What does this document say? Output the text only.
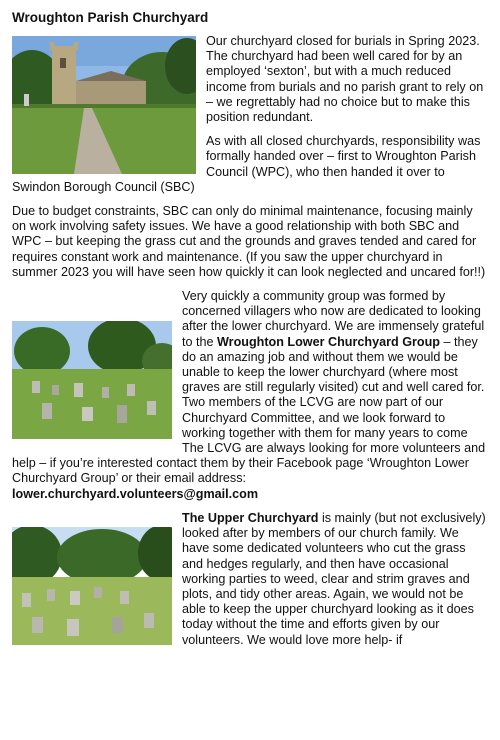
Wroughton Parish Churchyard

Our churchyard closed for burials in Spring 2023. The churchyard had been well cared for by an employed ‘sexton’, but with a much reduced income from burials and no parish grant to rely on – we regrettably had no choice but to make this position redundant.

As with all closed churchyards, responsibility was formally handed over – first to Wroughton Parish Council (WPC), who then handed it over to Swindon Borough Council (SBC)

Due to budget constraints, SBC can only do minimal maintenance, focusing mainly on work involving safety issues. We have a good relationship with both SBC and WPC – but keeping the grass cut and the grounds and graves tended and cared for requires constant work and maintenance. (If you saw the upper churchyard in summer 2023 you will have seen how quickly it can look neglected and uncared for!!)

Very quickly a community group was formed by concerned villagers who now are dedicated to looking after the lower churchyard. We are immensely grateful to the Wroughton Lower Churchyard Group – they do an amazing job and without them we would be unable to keep the lower churchyard (where most graves are still regularly visited) cut and well cared for. Two members of the LCVG are now part of our Churchyard Committee, and we look forward to working together with them for many years to come The LCVG are always looking for more volunteers and help – if you’re interested contact them by their Facebook page ‘Wroughton Lower Churchyard Group’ or their email address:
lower.churchyard.volunteers@gmail.com

The Upper Churchyard is mainly (but not exclusively) looked after by members of our church family. We have some dedicated volunteers who cut the grass and hedges regularly, and then have occasional working parties to weed, clear and strim graves and plots, and tidy other areas. Again, we would not be able to keep the upper churchyard looking as it does today without the time and efforts given by our volunteers. We would love more help- if
